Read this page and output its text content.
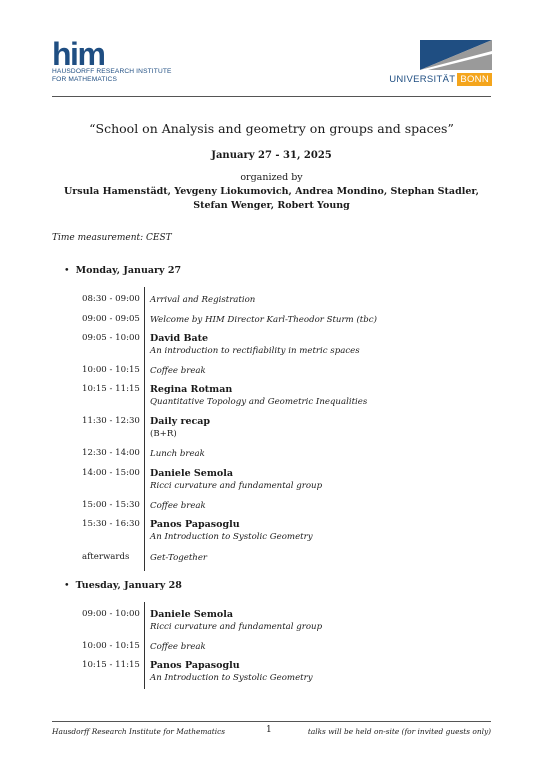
him
HAUSDORFF RESEARCH INSTITUTE
FOR MATHEMATICS	UNIVERSITÄT BONN
“School on Analysis and geometry on groups and spaces”
January 27 - 31, 2025
organized by
Ursula Hamenstädt, Yevgeny Liokumovich, Andrea Mondino, Stephan Stadler,
Stefan Wenger, Robert Young
Time measurement: CEST
• Monday, January 27
08:30 - 09:00 Arrival and Registration
09:00 - 09:05 Welcome by HIM Director Karl-Theodor Sturm (tbc)
09:05 - 10:00 David Bate
An introduction to rectifiability in metric spaces
10:00 - 10:15 Coffee break
10:15 - 11:15 Regina Rotman
Quantitative Topology and Geometric Inequalities
11:30 - 12:30 Daily recap
(B+R)
12:30 - 14:00 Lunch break
14:00 - 15:00 Daniele Semola
Ricci curvature and fundamental group
15:00 - 15:30 Coffee break
15:30 - 16:30 Panos Papasoglu
An Introduction to Systolic Geometry
afterwards	Get-Together
• Tuesday, January 28
09:00 - 10:00 Daniele Semola
Ricci curvature and fundamental group
10:00 - 10:15 Coffee break
10:15 - 11:15 Panos Papasoglu
An Introduction to Systolic Geometry
Hausdorff Research Institute for Mathematics	1	talks will be held on-site (for invited guests only)
